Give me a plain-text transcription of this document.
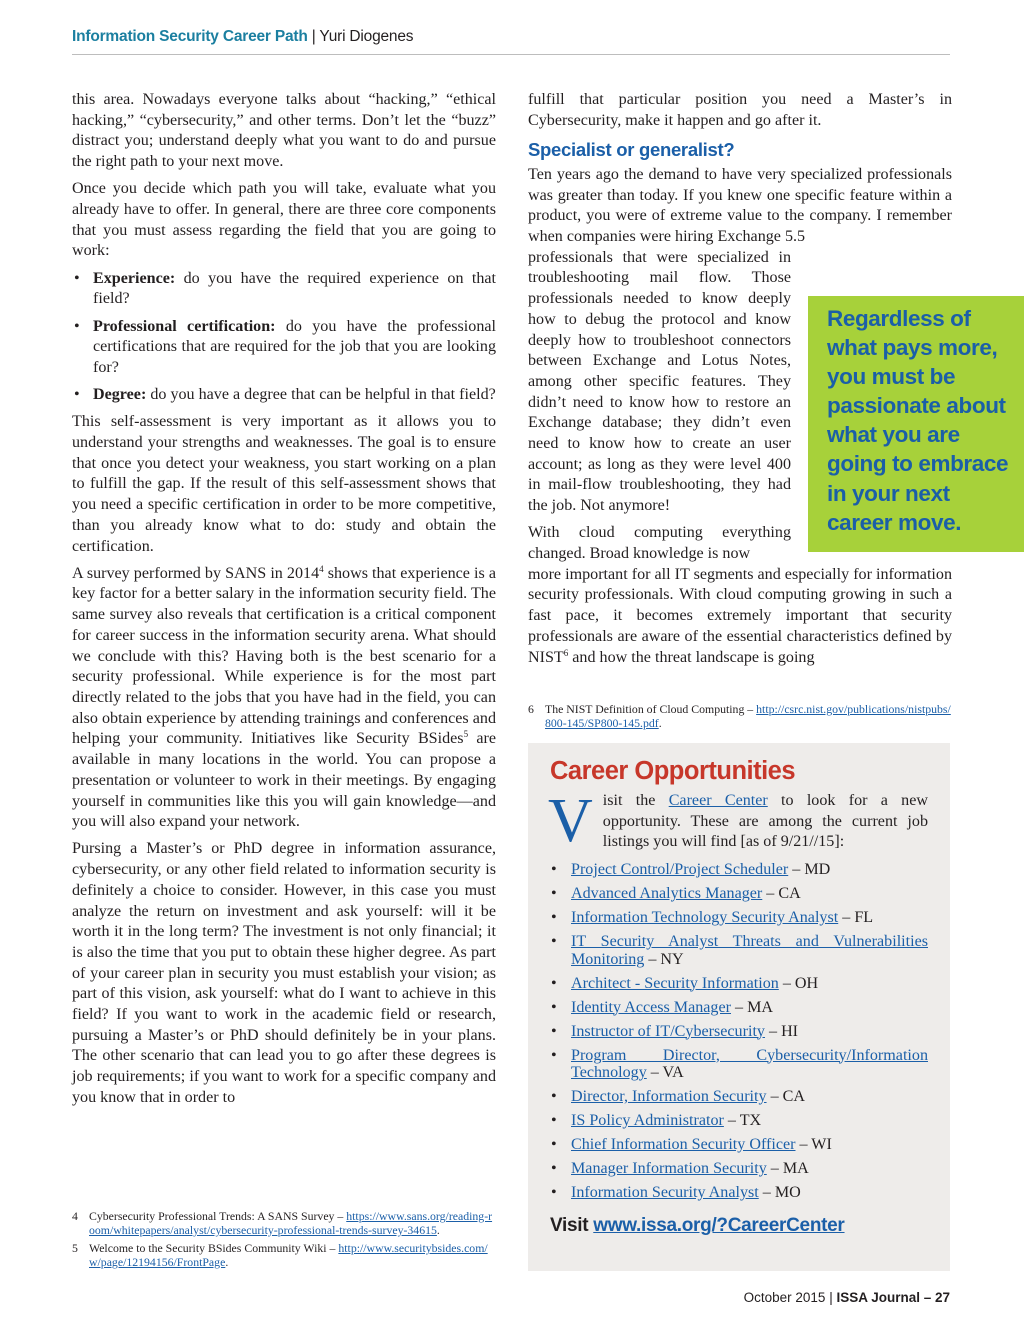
Information Security Career Path | Yuri Diogenes

this area. Nowadays everyone talks about “hacking,” “ethical hacking,” “cybersecurity,” and other terms. Don’t let the “buzz” distract you; understand deeply what you want to do and pursue the right path to your next move.

Once you decide which path you will take, evaluate what you already have to offer. In general, there are three core components that you must assess regarding the field that you are going to work:

• Experience: do you have the required experience on that field?
• Professional certification: do you have the professional certifications that are required for the job that you are looking for?
• Degree: do you have a degree that can be helpful in that field?

This self-assessment is very important as it allows you to understand your strengths and weaknesses. The goal is to ensure that once you detect your weakness, you start working on a plan to fulfill the gap. If the result of this self-assessment shows that you need a specific certification in order to be more competitive, than you already know what to do: study and obtain the certification.

A survey performed by SANS in 2014$^4$ shows that experience is a key factor for a better salary in the information security field. The same survey also reveals that certification is a critical component for career success in the information security arena. What should we conclude with this? Having both is the best scenario for a security professional. While experience is for the most part directly related to the jobs that you have had in the field, you can also obtain experience by attending trainings and conferences and helping your community. Initiatives like Security BSides$^5$ are available in many locations in the world. You can propose a presentation or volunteer to work in their meetings. By engaging yourself in communities like this you will gain knowledge—and you will also expand your network.

Pursing a Master’s or PhD degree in information assurance, cybersecurity, or any other field related to information security is definitely a choice to consider. However, in this case you must analyze the return on investment and ask yourself: will it be worth it in the long term? The investment is not only financial; it is also the time that you put to obtain these higher degree. As part of your career plan in security you must establish your vision; as part of this vision, ask yourself: what do I want to achieve in this field? If you want to work in the academic field or research, pursuing a Master’s or PhD should definitely be in your plans. The other scenario that can lead you to go after these degrees is job requirements; if you want to work for a specific company and you know that in order to

fulfill that particular position you need a Master’s in Cybersecurity, make it happen and go after it.

Specialist or generalist?

Ten years ago the demand to have very specialized professionals was greater than today. If you knew one specific feature within a product, you were of extreme value to the company. I remember when companies were hiring Exchange 5.5

professionals that were specialized in troubleshooting mail flow. Those professionals needed to know deeply how to debug the protocol and know deeply how to troubleshoot connectors between Exchange and Lotus Notes, among other specific features. They didn’t need to know how to restore an Exchange database; they didn’t even need to know how to create an user account; as long as they were level 400 in mail-flow troubleshooting, they had the job. Not anymore!

With cloud computing everything changed. Broad knowledge is now

more important for all IT segments and especially for information security professionals. With cloud computing growing in such a fast pace, it becomes extremely important that security professionals are aware of the essential characteristics defined by NIST$^6$ and how the threat landscape is going

Regardless of what pays more, you must be passionate about what you are going to embrace in your next career move.
6 The NIST Definition of Cloud Computing – http://csrc.nist.gov/publications/nistpubs/800-145/SP800-145.pdf.
Career Opportunities
Visit the Career Center to look for a new opportunity. These are among the current job listings you will find [as of 9/21//15]:
• Project Control/Project Scheduler – MD
• Advanced Analytics Manager – CA
• Information Technology Security Analyst – FL
• IT Security Analyst Threats and Vulnerabilities Monitoring – NY
• Architect - Security Information – OH
• Identity Access Manager – MA
• Instructor of IT/Cybersecurity – HI
• Program Director, Cybersecurity/Information Technology – VA
• Director, Information Security – CA
• IS Policy Administrator – TX
• Chief Information Security Officer – WI
• Manager Information Security – MA
• Information Security Analyst – MO
Visit www.issa.org/?CareerCenter
4 Cybersecurity Professional Trends: A SANS Survey – https://www.sans.org/reading-room/whitepapers/analyst/cybersecurity-professional-trends-survey-34615.
5 Welcome to the Security BSides Community Wiki – http://www.securitybsides.com/w/page/12194156/FrontPage.
October 2015 | ISSA Journal – 27
